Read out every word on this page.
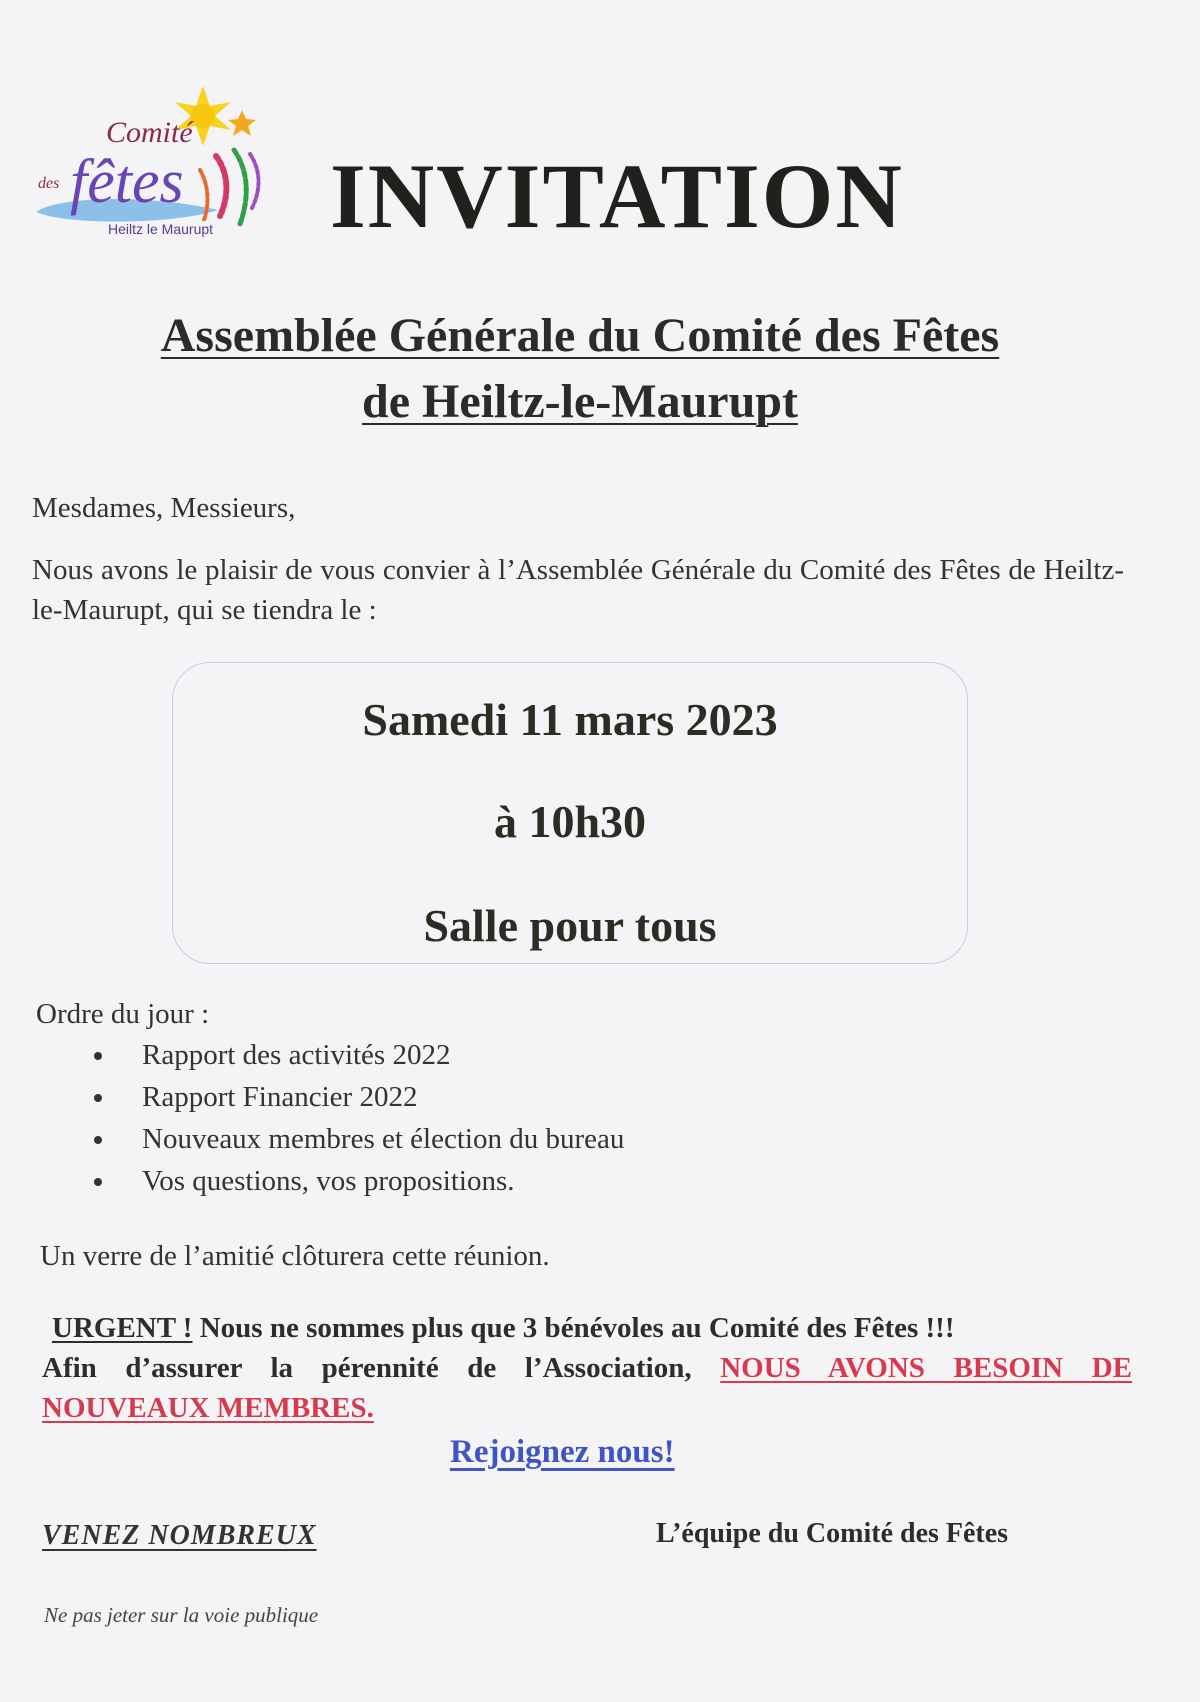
Comité
des fêtes
Heiltz le Maurupt INVITATION
Assemblée Générale du Comité des Fêtes
de Heiltz-le-Maurupt
Mesdames, Messieurs,
Nous avons le plaisir de vous convier à l’Assemblée Générale du Comité des Fêtes de Heiltz-le-Maurupt, qui se tiendra le :
Samedi 11 mars 2023
à 10h30
Salle pour tous
Ordre du jour :
Rapport des activités 2022
Rapport Financier 2022
Nouveaux membres et élection du bureau
Vos questions, vos propositions.
Un verre de l’amitié clôturera cette réunion.
URGENT ! Nous ne sommes plus que 3 bénévoles au Comité des Fêtes !!!
Afin d’assurer la pérennité de l’Association, NOUS AVONS BESOIN DE
NOUVEAUX MEMBRES.
Rejoignez nous!
VENEZ NOMBREUX	L’équipe du Comité des Fêtes
Ne pas jeter sur la voie publique
